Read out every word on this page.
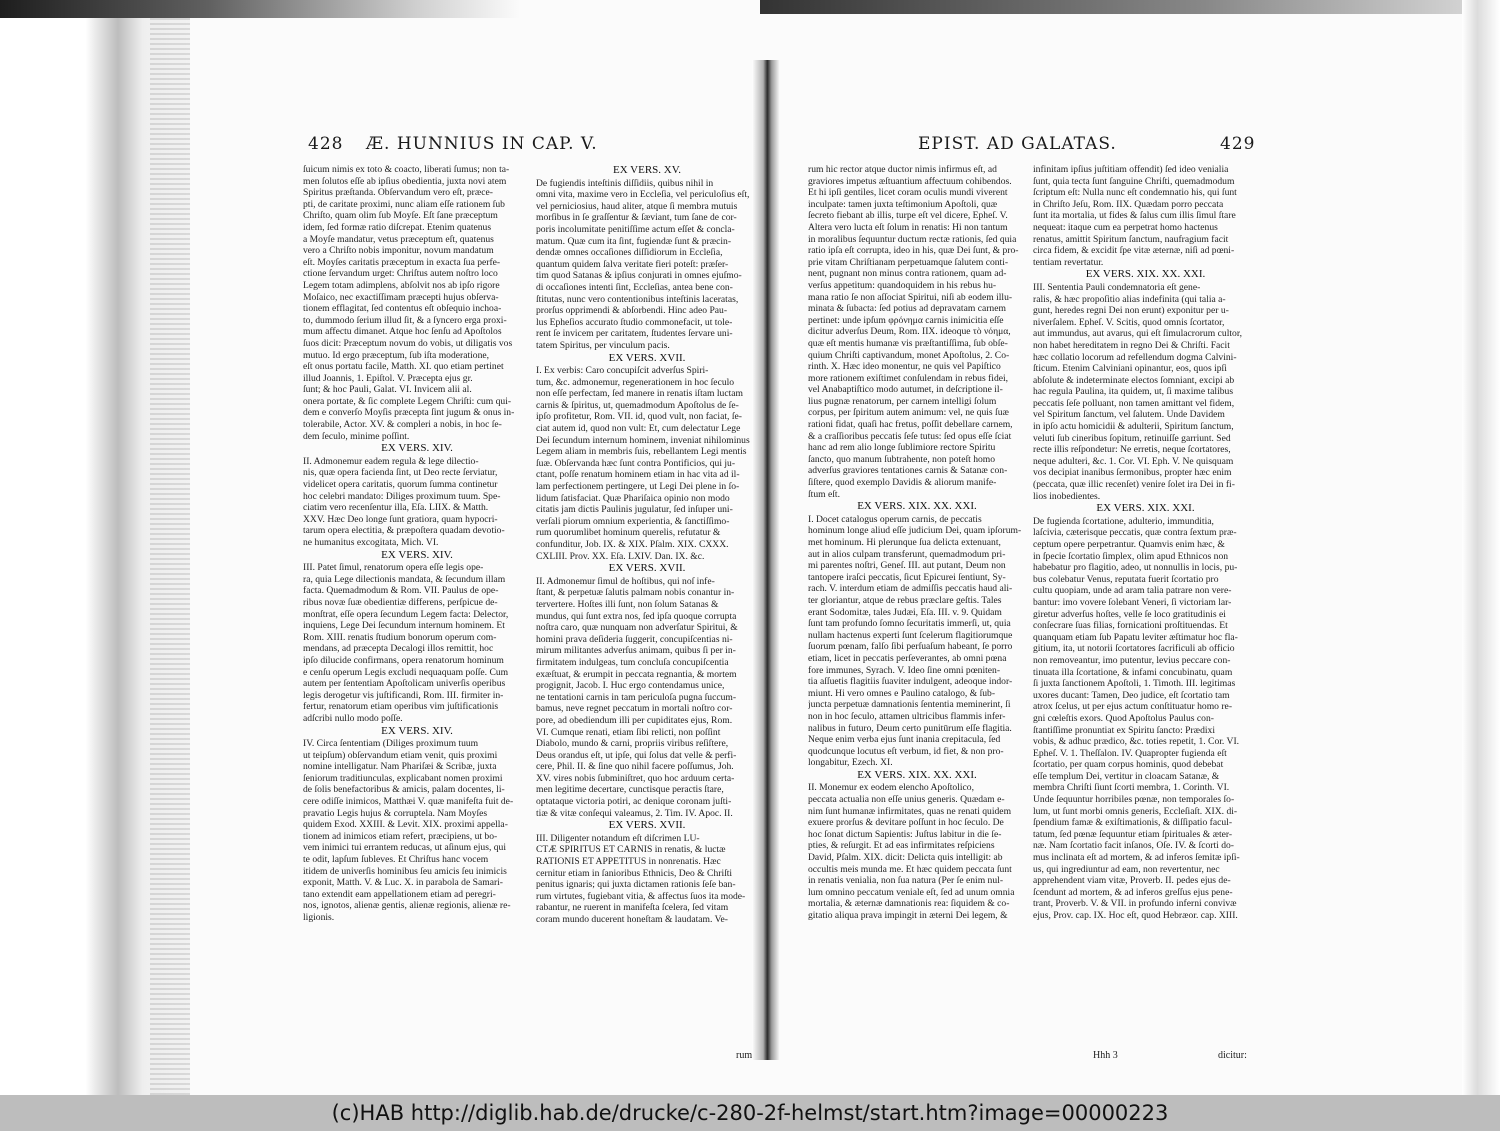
428 Æ. HUNNIUS IN CAP. V.
ſuicum nimis ex toto & coacto, liberati ſumus; non ta-
men ſolutos eſſe ab ipſius obedientia, juxta novi atem
Spiritus præſtanda. Obſervandum vero eſt, præce-
pti, de caritate proximi, nunc aliam eſſe rationem ſub
Chriſto, quam olim ſub Moyſe. Eſt ſane præceptum
idem, ſed formæ ratio diſcrepat. Etenim quatenus
a Moyſe mandatur, vetus præceptum eſt, quatenus
vero a Chriſto nobis imponitur, novum mandatum
eſt. Moyſes caritatis præceptum in exacta ſua perfe-
ctione ſervandum urget: Chriſtus autem noſtro loco
Legem totam adimplens, abſolvit nos ab ipſo rigore
Moſaico, nec exactiſſimam præcepti hujus obſerva-
tionem efflagitat, ſed contentus eſt obſequio inchoa-
to, dummodo ſerium illud ſit, & a ſyncero erga proxi-
mum affectu dimanet. Atque hoc ſenſu ad Apoſtolos
ſuos dicit: Præceptum novum do vobis, ut diligatis vos
mutuo. Id ergo præceptum, ſub iſta moderatione,
eſt onus portatu facile, Matth. XI. quo etiam pertinet
illud Joannis, 1. Epiſtol. V. Præcepta ejus gr.
ſunt; & hoc Pauli, Galat. VI. Invicem alii al.
onera portate, & ſic complete Legem Chriſti: cum qui-
dem e converſo Moyſis præcepta ſint jugum & onus in-
tolerabile, Actor. XV. & compleri a nobis, in hoc ſe-
dem ſeculo, minime poſſint.
EX VERS. XIV.
II. Admonemur eadem regula & lege dilectio-
nis, quæ opera facienda ſint, ut Deo recte ſerviatur,
videlicet opera caritatis, quorum ſumma continetur
hoc celebri mandato: Diliges proximum tuum. Spe-
ciatim vero recenſentur illa, Eſa. LIIX. & Matth.
XXV. Hæc Deo longe ſunt gratiora, quam hypocri-
tarum opera electitia, & præpoſtera quadam devotio-
ne humanitus excogitata, Mich. VI.
EX VERS. XIV.
III. Patet ſimul, renatorum opera eſſe legis ope-
ra, quia Lege dilectionis mandata, & ſecundum illam
facta. Quemadmodum & Rom. VII. Paulus de ope-
ribus novæ ſuæ obedientiæ differens, perſpicue de-
monſtrat, eſſe opera ſecundum Legem facta: Delector,
inquiens, Lege Dei ſecundum internum hominem. Et
Rom. XIII. renatis ſtudium bonorum operum com-
mendans, ad præcepta Decalogi illos remittit, hoc
ipſo dilucide confirmans, opera renatorum hominum
e cenſu operum Legis excludi nequaquam poſſe. Cum
autem per ſententiam Apoſtolicam univerſis operibus
legis derogetur vis juſtificandi, Rom. III. firmiter in-
fertur, renatorum etiam operibus vim juſtificationis
adſcribi nullo modo poſſe.
EX VERS. XIV.
IV. Circa ſententiam (Diliges proximum tuum
ut teipſum) obſervandum etiam venit, quis proximi
nomine intelligatur. Nam Phariſæi & Scribæ, juxta
ſeniorum traditiunculas, explicabant nomen proximi
de ſolis benefactoribus & amicis, palam docentes, li-
cere odiſſe inimicos, Matthæi V. quæ manifeſta fuit de-
pravatio Legis hujus & corruptela. Nam Moyſes
quidem Exod. XXIII. & Levit. XIX. proximi appella-
tionem ad inimicos etiam refert, præcipiens, ut bo-
vem inimici tui errantem reducas, ut aſinum ejus, qui
te odit, lapſum ſubleves. Et Chriſtus hanc vocem
itidem de univerſis hominibus ſeu amicis ſeu inimicis
exponit, Matth. V. & Luc. X. in parabola de Samari-
tano extendit eam appellationem etiam ad peregri-
nos, ignotos, alienæ gentis, alienæ regionis, alienæ re-
ligionis.
EX VERS. XV.
De fugiendis inteſtinis diſſidiis, quibus nihil in
omni vita, maxime vero in Eccleſia, vel periculoſius eſt,
vel perniciosius, haud aliter, atque ſi membra mutuis
morſibus in ſe graſſentur & ſæviant, tum ſane de cor-
poris incolumitate penitiſſime actum eſſet & concla-
matum. Quæ cum ita ſint, fugiendæ ſunt & præcin-
dendæ omnes occaſiones diſſidiorum in Eccleſia,
quantum quidem ſalva veritate fieri poteſt: præſer-
tim quod Satanas & ipſius conjurati in omnes ejuſmo-
di occaſiones intenti ſint, Eccleſias, antea bene con-
ſtitutas, nunc vero contentionibus inteſtinis laceratas,
prorſus opprimendi & abſorbendi. Hinc adeo Pau-
lus Epheſios accurato ſtudio commonefacit, ut tole-
rent ſe invicem per caritatem, ſtudentes ſervare uni-
tatem Spiritus, per vinculum pacis.
EX VERS. XVII.
I. Ex verbis: Caro concupiſcit adverſus Spiri-
tum, &c. admonemur, regenerationem in hoc ſeculo
non eſſe perfectam, ſed manere in renatis iſtam luctam
carnis & ſpiritus, ut, quemadmodum Apoſtolus de ſe-
ipſo profitetur, Rom. VII. id, quod vult, non faciat, ſe-
ciat autem id, quod non vult: Et, cum delectatur Lege
Dei ſecundum internum hominem, inveniat nihilominus
Legem aliam in membris ſuis, rebellantem Legi mentis
ſuæ. Obſervanda hæc ſunt contra Pontificios, qui ju-
ctant, poſſe renatum hominem etiam in hac vita ad il-
lam perfectionem pertingere, ut Legi Dei plene in ſo-
lidum ſatisfaciat. Quæ Phariſaica opinio non modo
citatis jam dictis Paulinis jugulatur, ſed inſuper uni-
verſali piorum omnium experientia, & ſanctiſſimo-
rum quorumlibet hominum querelis, refutatur &
confunditur, Job. IX. & XIX. Pſalm. XIX. CXXX.
CXLIII. Prov. XX. Eſa. LXIV. Dan. IX. &c.
EX VERS. XVII.
II. Admonemur ſimul de hoſtibus, qui noſ infe-
ſtant, & perpetuæ ſalutis palmam nobis conantur in-
tervertere. Hoſtes illi ſunt, non ſolum Satanas &
mundus, qui ſunt extra nos, ſed ipſa quoque corrupta
noſtra caro, quæ nunquam non adverſatur Spiritui, &
homini prava deſideria ſuggerit, concupiſcentias ni-
mirum militantes adverſus animam, quibus ſi per in-
firmitatem indulgeas, tum concluſa concupiſcentia
exæſtuat, & erumpit in peccata regnantia, & mortem
progignit, Jacob. I. Huc ergo contendamus unice,
ne tentationi carnis in tam periculoſa pugna ſuccum-
bamus, neve regnet peccatum in mortali noſtro cor-
pore, ad obediendum illi per cupiditates ejus, Rom.
VI. Cumque renati, etiam ſibi relicti, non poſſint
Diabolo, mundo & carni, propriis viribus reſiſtere,
Deus orandus eſt, ut ipſe, qui ſolus dat velle & perfi-
cere, Phil. II. & ſine quo nihil facere poſſumus, Joh.
XV. vires nobis ſubminiſtret, quo hoc arduum certa-
men legitime decertare, cunctisque peractis ſtare,
optataque victoria potiri, ac denique coronam juſti-
tiæ & vitæ conſequi valeamus, 2. Tim. IV. Apoc. II.
EX VERS. XVII.
III. Diligenter notandum eſt diſcrimen LU-
CTÆ SPIRITUS ET CARNIS in renatis, & luctæ
RATIONIS ET APPETITUS in nonrenatis. Hæc
cernitur etiam in ſanioribus Ethnicis, Deo & Chriſti
penitus ignaris; qui juxta dictamen rationis ſeſe ban-
rum virtutes, fugiebant vitia, & affectus ſuos ita mode-
rabantur, ne ruerent in manifeſta ſcelera, ſed vitam
coram mundo ducerent honeſtam & laudatam. Ve-
rum
EPIST. AD GALATAS.	429
rum hic rector atque ductor nimis infirmus eſt, ad
graviores impetus æſtuantium affectuum cohibendos.
Et hi ipſi gentiles, licet coram oculis mundi viverent
inculpate: tamen juxta teſtimonium Apoſtoli, quæ
ſecreto fiebant ab illis, turpe eſt vel dicere, Epheſ. V.
Altera vero lucta eſt ſolum in renatis: Hi non tantum
in moralibus ſequuntur ductum rectæ rationis, ſed quia
ratio ipſa eſt corrupta, ideo in his, quæ Dei ſunt, & pro-
prie vitam Chriſtianam perpetuamque ſalutem conti-
nent, pugnant non minus contra rationem, quam ad-
verſus appetitum: quandoquidem in his rebus hu-
mana ratio ſe non aſſociat Spiritui, niſi ab eodem illu-
minata & ſubacta: ſed potius ad depravatam carnem
pertinet: unde ipſum φρόνημα carnis inimicitia eſſe
dicitur adverſus Deum, Rom. IIX. ideoque τὸ νόημα,
quæ eſt mentis humanæ vis præſtantiſſima, ſub obſe-
quium Chriſti captivandum, monet Apoſtolus, 2. Co-
rinth. X. Hæc ideo monentur, ne quis vel Papiſtico
more rationem exiſtimet conſulendam in rebus fidei,
vel Anabaptiſtico modo autumet, in deſcriptione il-
lius pugnæ renatorum, per carnem intelligi ſolum
corpus, per ſpiritum autem animum: vel, ne quis ſuæ
rationi fidat, quaſi hac fretus, poſſit debellare carnem,
& a craſſioribus peccatis ſeſe tutus: ſed opus eſſe ſciat
hanc ad rem alio longe ſublimiore rectore Spiritu
ſancto, quo manum ſubtrahente, non poteſt homo
adverſus graviores tentationes carnis & Satanæ con-
ſiſtere, quod exemplo Davidis & aliorum manife-
ſtum eſt.
EX VERS. XIX. XX. XXI.
I. Docet catalogus operum carnis, de peccatis
hominum longe aliud eſſe judicium Dei, quam ipſorum-
met hominum. Hi plerunque ſua delicta extenuant,
aut in alios culpam transferunt, quemadmodum pri-
mi parentes noſtri, Geneſ. III. aut putant, Deum non
tantopere iraſci peccatis, ſicut Epicurei ſentiunt, Sy-
rach. V. interdum etiam de admiſſis peccatis haud ali-
ter gloriantur, atque de rebus præclare geſtis. Tales
erant Sodomitæ, tales Judæi, Eſa. III. v. 9. Quidam
ſunt tam profundo ſomno ſecuritatis immerſi, ut, quia
nullam hactenus experti ſunt ſcelerum flagitiorumque
ſuorum pœnam, falſo ſibi perſuaſum habeant, ſe porro
etiam, licet in peccatis perſeverantes, ab omni pœna
fore immunes, Syrach. V. Ideo ſine omni pœniten-
tia aſſuetis flagitiis ſuaviter indulgent, adeoque indor-
miunt. Hi vero omnes e Paulino catalogo, & ſub-
juncta perpetuæ damnationis ſententia meminerint, ſi
non in hoc ſeculo, attamen ultricibus flammis infer-
nalibus in futuro, Deum certo punitūrum eſſe flagitia.
Neque enim verba ejus ſunt inania crepitacula, ſed
quodcunque locutus eſt verbum, id fiet, & non pro-
longabitur, Ezech. XI.
EX VERS. XIX. XX. XXI.
II. Monemur ex eodem elencho Apoſtolico,
peccata actualia non eſſe unius generis. Quædam e-
nim ſunt humanæ infirmitates, quas ne renati quidem
exuere prorſus & devitare poſſunt in hoc ſeculo. De
hoc ſonat dictum Sapientis: Juſtus labitur in die ſe-
pties, & reſurgit. Et ad eas infirmitates reſpiciens
David, Pſalm. XIX. dicit: Delicta quis intelligit: ab
occultis meis munda me. Et hæc quidem peccata ſunt
in renatis venialia, non ſua natura (Per ſe enim nul-
lum omnino peccatum veniale eſt, ſed ad unum omnia
mortalia, & æternæ damnationis rea: ſiquidem & co-
gitatio aliqua prava impingit in æterni Dei legem, &
infinitam ipſius juſtitiam offendit) ſed ideo venialia
ſunt, quia tecta ſunt ſanguine Chriſti, quemadmodum
ſcriptum eſt: Nulla nunc eſt condemnatio his, qui ſunt
in Chriſto Jeſu, Rom. IIX. Quædam porro peccata
ſunt ita mortalia, ut fides & ſalus cum illis ſimul ſtare
nequeat: itaque cum ea perpetrat homo hactenus
renatus, amittit Spiritum ſanctum, naufragium facit
circa fidem, & excidit ſpe vitæ æternæ, niſi ad pœni-
tentiam revertatur.
EX VERS. XIX. XX. XXI.
III. Sententia Pauli condemnatoria eſt gene-
ralis, & hæc propoſitio alias indefinita (qui talia a-
gunt, heredes regni Dei non erunt) exponitur per u-
niverſalem. Epheſ. V. Scitis, quod omnis ſcortator,
aut immundus, aut avarus, qui eſt ſimulacrorum cultor,
non habet hereditatem in regno Dei & Chriſti. Facit
hæc collatio locorum ad refellendum dogma Calvini-
ſticum. Etenim Calviniani opinantur, eos, quos ipſi
abſolute & indeterminate electos ſomniant, excipi ab
hac regula Paulina, ita quidem, ut, ſi maxime talibus
peccatis ſeſe polluant, non tamen amittant vel fidem,
vel Spiritum ſanctum, vel ſalutem. Unde Davidem
in ipſo actu homicidii & adulterii, Spiritum ſanctum,
veluti ſub cineribus ſopitum, retinuiſſe garriunt. Sed
recte illis reſpondetur: Ne erretis, neque ſcortatores,
neque adulteri, &c. 1. Cor. VI. Eph. V. Ne quisquam
vos decipiat inanibus ſermonibus, propter hæc enim
(peccata, quæ illic recenſet) venire ſolet ira Dei in fi-
lios inobedientes.
EX VERS. XIX. XXI.
De fugienda ſcortatione, adulterio, immunditia,
laſcivia, cæterisque peccatis, quæ contra ſextum præ-
ceptum opere perpetrantur. Quamvis enim hæc, &
in ſpecie ſcortatio ſimplex, olim apud Ethnicos non
habebatur pro flagitio, adeo, ut nonnullis in locis, pu-
bus colebatur Venus, reputata fuerit ſcortatio pro
cultu quopiam, unde ad aram talia patrare non vere-
bantur: imo vovere ſolebant Veneri, ſi victoriam lar-
giretur adverſus hoſtes, velle ſe loco gratitudinis ei
conſecrare ſuas filias, fornicationi proſtituendas. Et
quanquam etiam ſub Papatu leviter æſtimatur hoc fla-
gitium, ita, ut notorii ſcortatores ſacrificuli ab officio
non removeantur, imo putentur, levius peccare con-
tinuata illa ſcortatione, & infami concubinatu, quam
ſi juxta ſanctionem Apoſtoli, 1. Timoth. III. legitimas
uxores ducant: Tamen, Deo judice, eſt ſcortatio tam
atrox ſcelus, ut per ejus actum conſtituatur homo re-
gni cœleſtis exors. Quod Apoſtolus Paulus con-
ſtantiſſime pronuntiat ex Spiritu ſancto: Prædixi
vobis, & adhuc prædico, &c. toties repetit, 1. Cor. VI.
Epheſ. V. 1. Theſſalon. IV. Quapropter fugienda eſt
ſcortatio, per quam corpus hominis, quod debebat
eſſe templum Dei, vertitur in cloacam Satanæ, &
membra Chriſti ſiunt ſcorti membra, 1. Corinth. VI.
Unde ſequuntur horribiles pœnæ, non temporales ſo-
lum, ut ſunt morbi omnis generis, Eccleſiaſt. XIX. di-
ſpendium famæ & exiſtimationis, & diſſipatio facul-
tatum, ſed pœnæ ſequuntur etiam ſpirituales & æter-
næ. Nam ſcortatio facit inſanos, Oſe. IV. & ſcorti do-
mus inclinata eſt ad mortem, & ad inferos ſemitæ ipſi-
us, qui ingrediuntur ad eam, non revertentur, nec
apprehendent viam vitæ, Proverb. II. pedes ejus de-
ſcendunt ad mortem, & ad inferos greſſus ejus pene-
trant, Proverb. V. & VII. in profundo inferni convivæ
ejus, Prov. cap. IX. Hoc eſt, quod Hebræor. cap. XIII.
Hhh 3	dicitur:
(c)HAB http://diglib.hab.de/drucke/c-280-2f-helmst/start.htm?image=00000223
